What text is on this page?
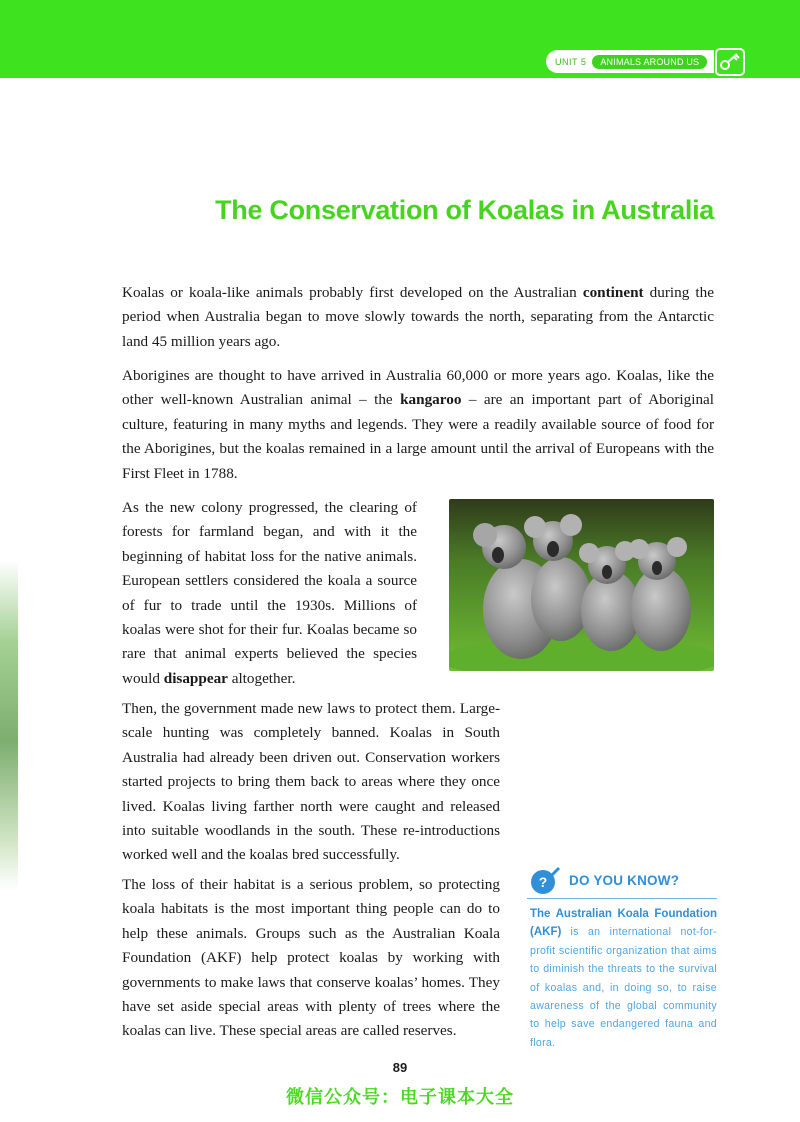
UNIT 5	ANIMALS AROUND US
The Conservation of Koalas in Australia

Koalas or koala-like animals probably first developed on the Australian continent during the period when Australia began to move slowly towards the north, separating from the Antarctic land 45 million years ago.

Aborigines are thought to have arrived in Australia 60,000 or more years ago. Koalas, like the other well-known Australian animal – the kangaroo – are an important part of Aboriginal culture, featuring in many myths and legends. They were a readily available source of food for the Aborigines, but the koalas remained in a large amount until the arrival of Europeans with the First Fleet in 1788.

As the new colony progressed, the clearing of forests for farmland began, and with it the beginning of habitat loss for the native animals. European settlers considered the koala a source of fur to trade until the 1930s. Millions of koalas were shot for their fur. Koalas became so rare that animal experts believed the species would disappear altogether.

Then, the government made new laws to protect them. Large-scale hunting was completely banned. Koalas in South Australia had already been driven out. Conservation workers started projects to bring them back to areas where they once lived. Koalas living farther north were caught and released into suitable woodlands in the south. These re-introductions worked well and the koalas bred successfully.

The loss of their habitat is a serious problem, so protecting koala habitats is the most important thing people can do to help these animals. Groups such as the Australian Koala Foundation (AKF) help protect koalas by working with governments to make laws that conserve koalas’ homes. They have set aside special areas with plenty of trees where the koalas can live. These special areas are called reserves.

? DO YOU KNOW?

The Australian Koala Foundation (AKF) is an international not-for-profit scientific organization that aims to diminish the threats to the survival of koalas and, in doing so, to raise awareness of the global community to help save endangered fauna and flora.

89
微信公众号：电子课本大全
